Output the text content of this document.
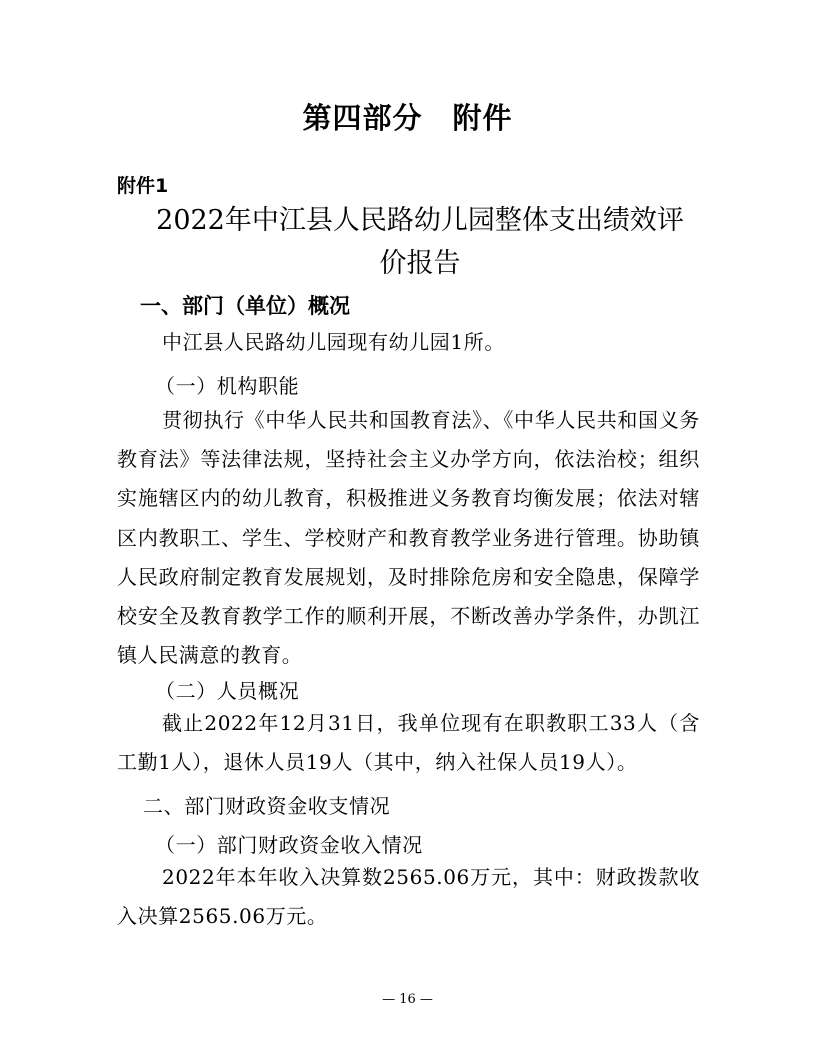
第四部分　附件
附件1
2022年中江县人民路幼儿园整体支出绩效评价报告
一、部门（单位）概况
中江县人民路幼儿园现有幼儿园1所。
（一）机构职能
贯彻执行《中华人民共和国教育法》、《中华人民共和国义务教育法》等法律法规，坚持社会主义办学方向，依法治校；组织实施辖区内的幼儿教育，积极推进义务教育均衡发展；依法对辖区内教职工、学生、学校财产和教育教学业务进行管理。协助镇人民政府制定教育发展规划，及时排除危房和安全隐患，保障学校安全及教育教学工作的顺利开展，不断改善办学条件，办凯江镇人民满意的教育。
（二）人员概况
截止2022年12月31日，我单位现有在职教职工33人（含工勤1人），退休人员19人（其中，纳入社保人员19人）。
二、部门财政资金收支情况
（一）部门财政资金收入情况
2022年本年收入决算数2565.06万元，其中：财政拨款收入决算2565.06万元。
— 16 —
